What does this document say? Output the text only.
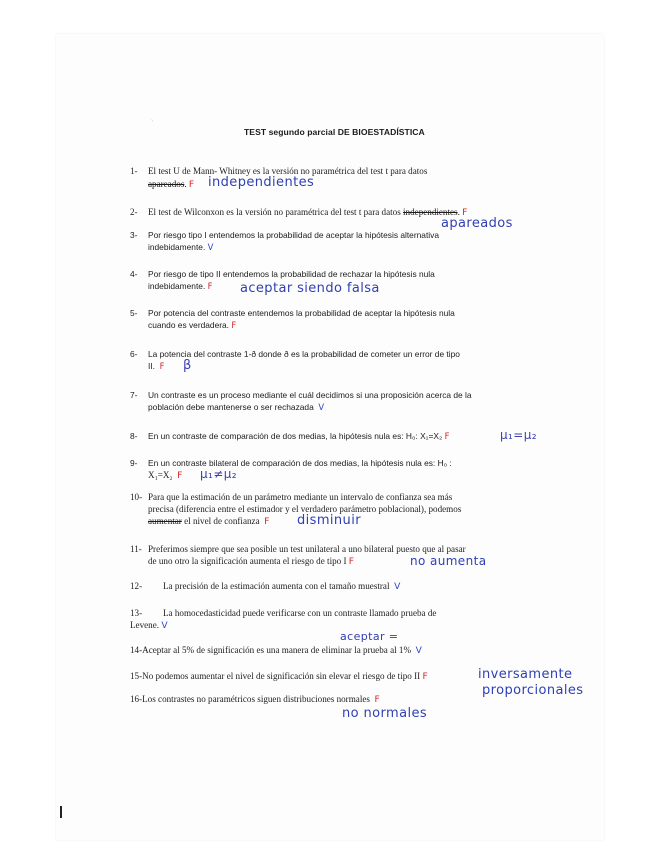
`
TEST segundo parcial DE BIOESTADÍSTICA
1- El test U de Mann- Whitney es la versión no paramétrica del test t para datos
apareados. F independientes
2- El test de Wilconxon es la versión no paramétrica del test t para datos independientes. F
apareados
3- Por riesgo tipo I entendemos la probabilidad de aceptar la hipótesis alternativa
indebidamente. V
4- Por riesgo de tipo II entendemos la probabilidad de rechazar la hipótesis nula
indebidamente. F aceptar siendo falsa
5- Por potencia del contraste entendemos la probabilidad de aceptar la hipótesis nula
cuando es verdadera. F
6- La potencia del contraste 1-ð donde ð es la probabilidad de cometer un error de tipo
II. F β
7- Un contraste es un proceso mediante el cuál decidimos si una proposición acerca de la
población debe mantenerse o ser rechazada V
8- En un contraste de comparación de dos medias, la hipótesis nula es: H₀: X₁=X₂ F	μ₁=μ₂
9- En un contraste bilateral de comparación de dos medias, la hipótesis nula es: H₀ :
X₁=X₂ F μ₁≠μ₂
10- Para que la estimación de un parámetro mediante un intervalo de confianza sea más
precisa (diferencia entre el estimador y el verdadero parámetro poblacional), podemos
aumentar el nivel de confianza F disminuir
11- Preferimos siempre que sea posible un test unilateral a uno bilateral puesto que al pasar
de uno otro la significación aumenta el riesgo de tipo I F	no aumenta
12- La precisión de la estimación aumenta con el tamaño muestral V
13- La homocedasticidad puede verificarse con un contraste llamado prueba de
Levene. V
aceptar =
14-Aceptar al 5% de significación es una manera de eliminar la prueba al 1% V
15-No podemos aumentar el nivel de significación sin elevar el riesgo de tipo II F	inversamente
proporcionales
16-Los contrastes no paramétricos siguen distribuciones normales F
no normales
